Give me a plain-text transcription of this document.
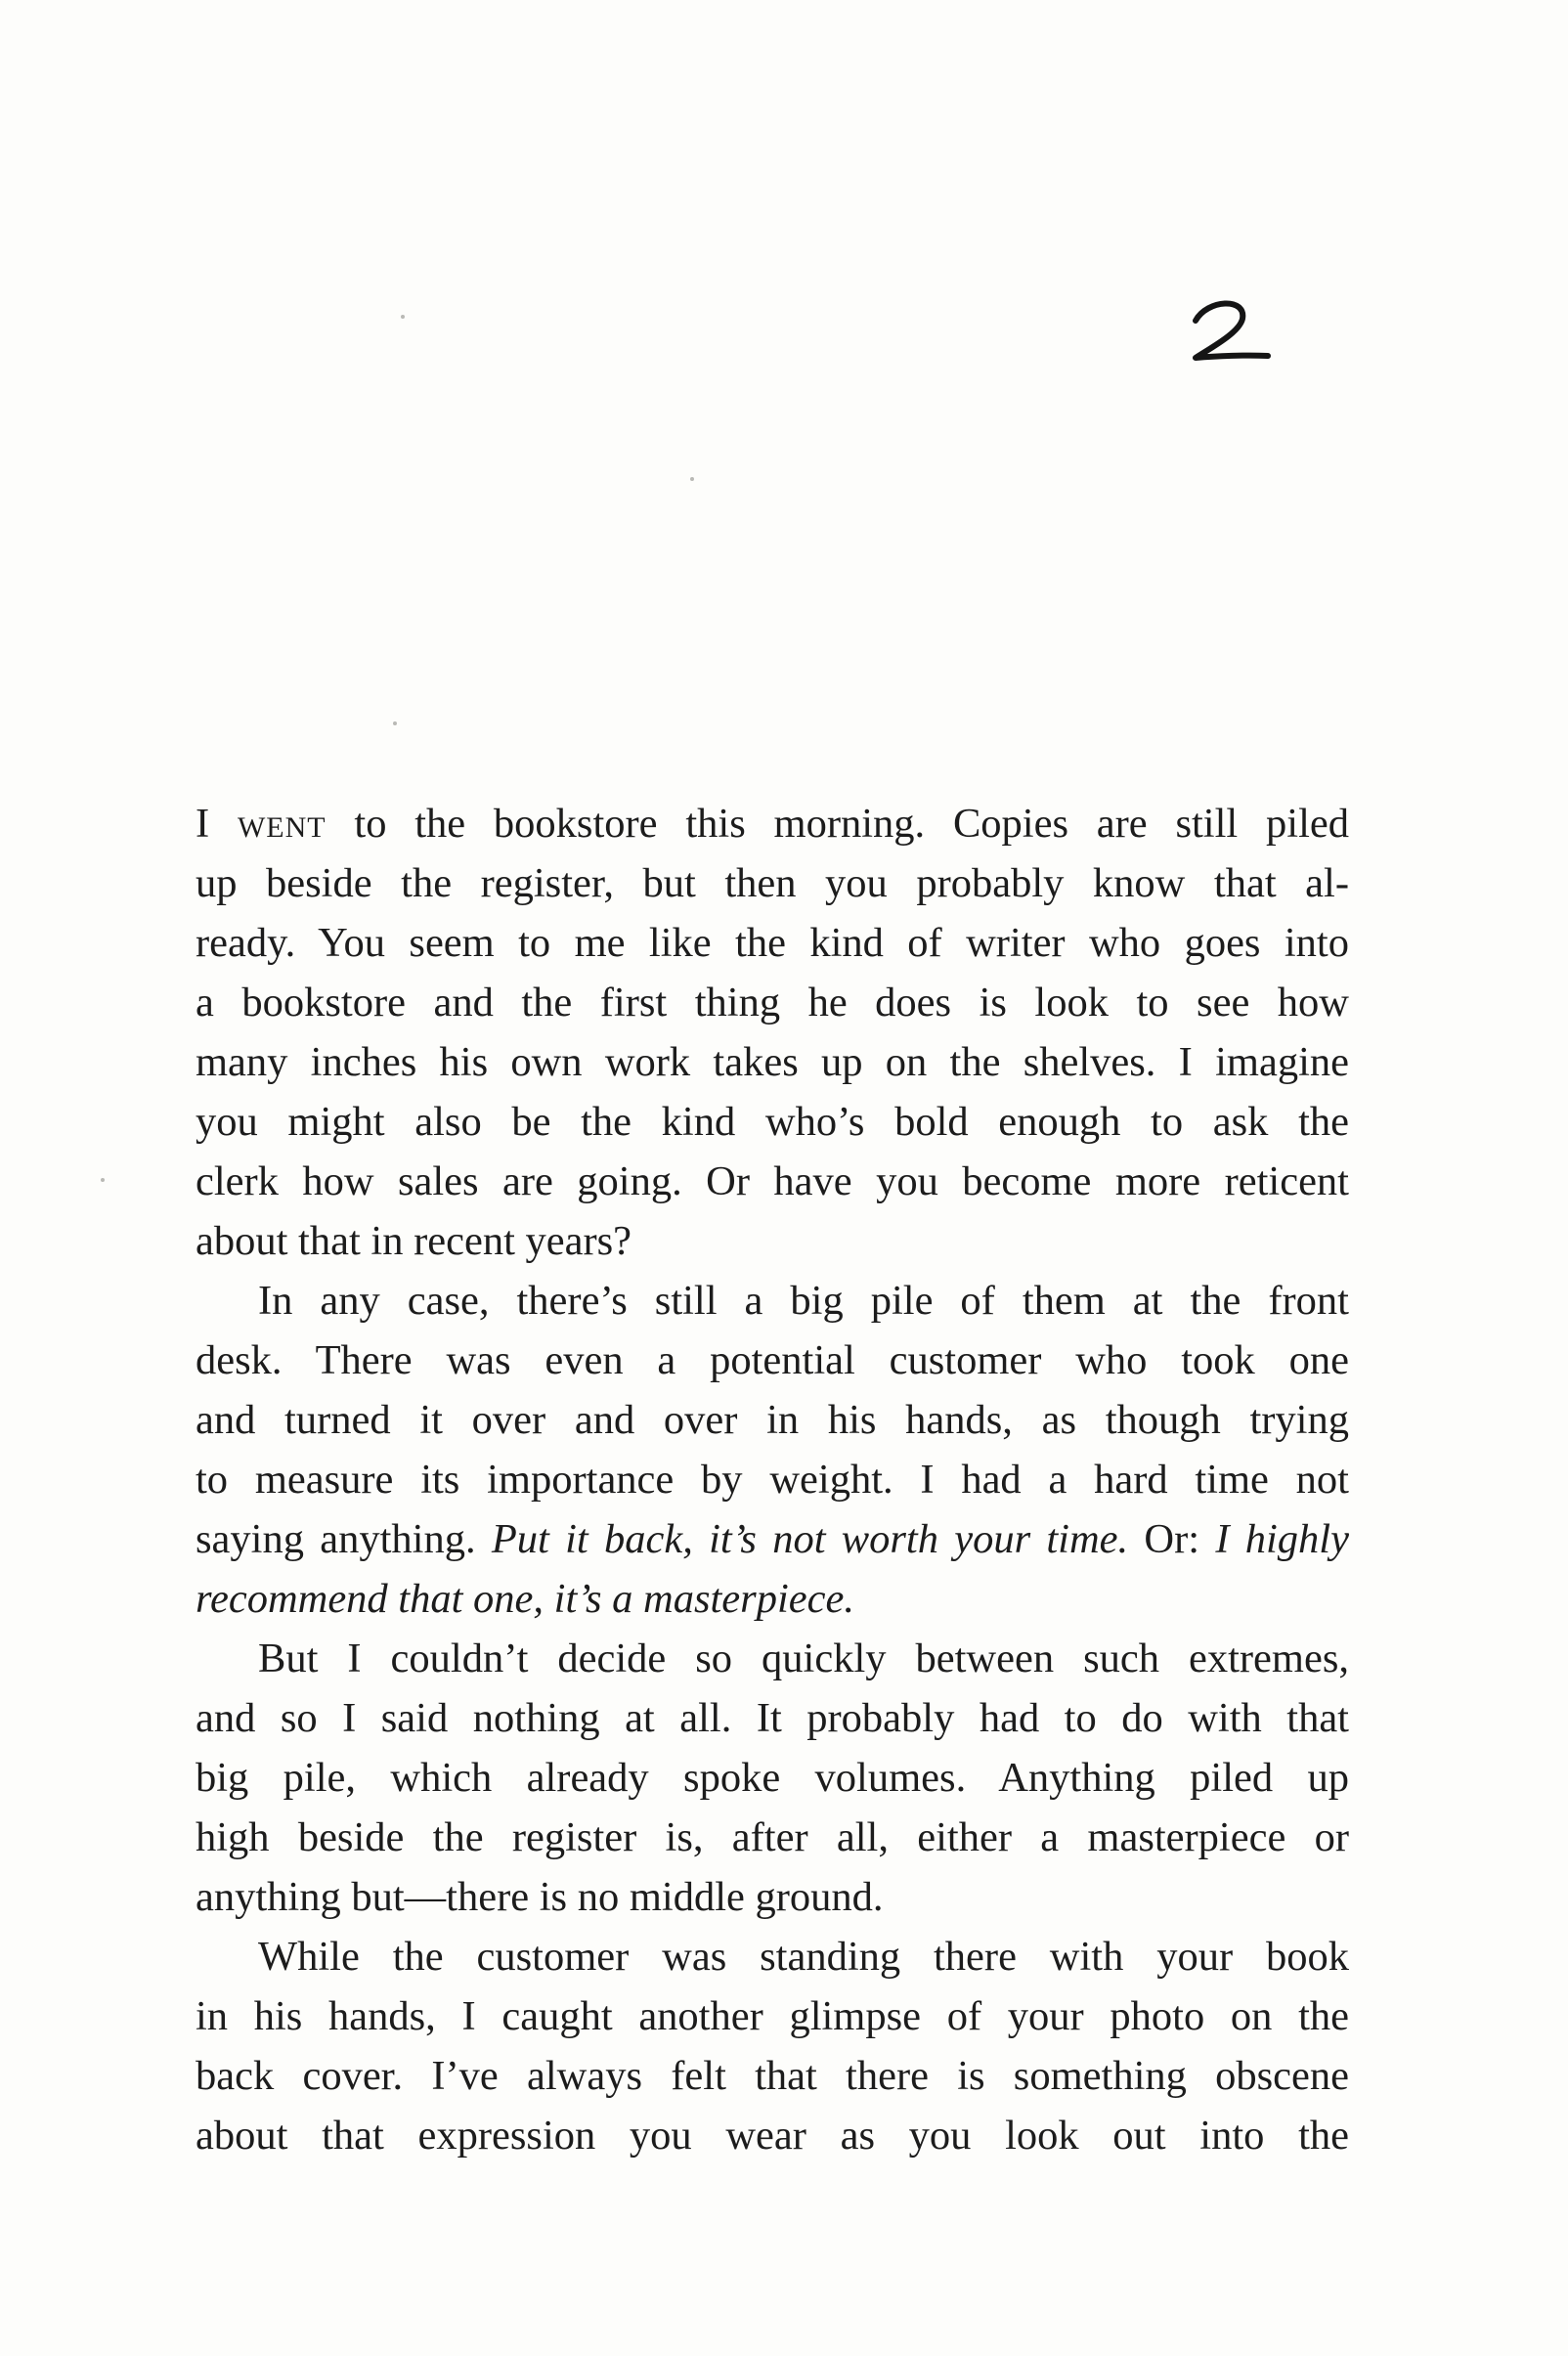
I went to the bookstore this morning. Copies are still piled
up beside the register, but then you probably know that al-
ready. You seem to me like the kind of writer who goes into
a bookstore and the first thing he does is look to see how
many inches his own work takes up on the shelves. I imagine
you might also be the kind who’s bold enough to ask the
clerk how sales are going. Or have you become more reticent
about that in recent years?
In any case, there’s still a big pile of them at the front
desk. There was even a potential customer who took one
and turned it over and over in his hands, as though trying
to measure its importance by weight. I had a hard time not
saying anything. Put it back, it’s not worth your time. Or: I highly
recommend that one, it’s a masterpiece.
But I couldn’t decide so quickly between such extremes,
and so I said nothing at all. It probably had to do with that
big pile, which already spoke volumes. Anything piled up
high beside the register is, after all, either a masterpiece or
anything but—there is no middle ground.
While the customer was standing there with your book
in his hands, I caught another glimpse of your photo on the
back cover. I’ve always felt that there is something obscene
about that expression you wear as you look out into the
